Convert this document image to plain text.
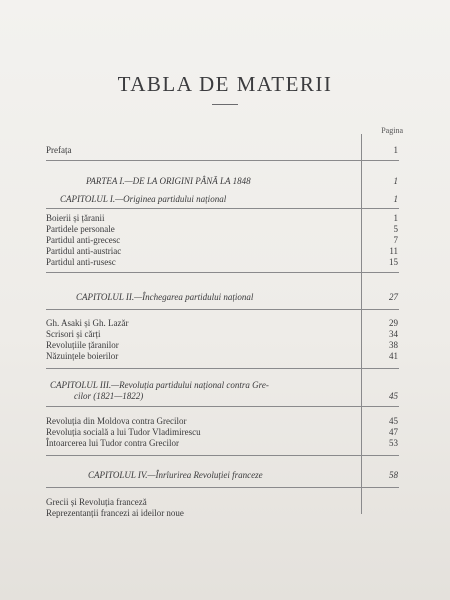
TABLA DE MATERII
Pagina
Prefața	1
PARTEA I.—DE LA ORIGINI PÂNĂ LA 1848	1
CAPITOLUL I.—Originea partidului național	1
Boierii și țăranii	1
Partidele personale	5
Partidul anti-grecesc	7
Partidul anti-austriac	11
Partidul anti-rusesc	15
CAPITOLUL II.—Închegarea partidului național	27
Gh. Asaki și Gh. Lazăr	29
Scrisori și cărți	34
Revoluțiile țăranilor	38
Năzuințele boierilor	41
CAPITOLUL III.—Revoluția partidului național contra Gre-
cilor (1821—1822)	45
Revoluția din Moldova contra Grecilor	45
Revoluția socială a lui Tudor Vladimirescu	47
Întoarcerea lui Tudor contra Grecilor	53
CAPITOLUL IV.—Înrîurirea Revoluției franceze	58
Grecii și Revoluția franceză
Reprezentanții francezi ai ideilor noue
